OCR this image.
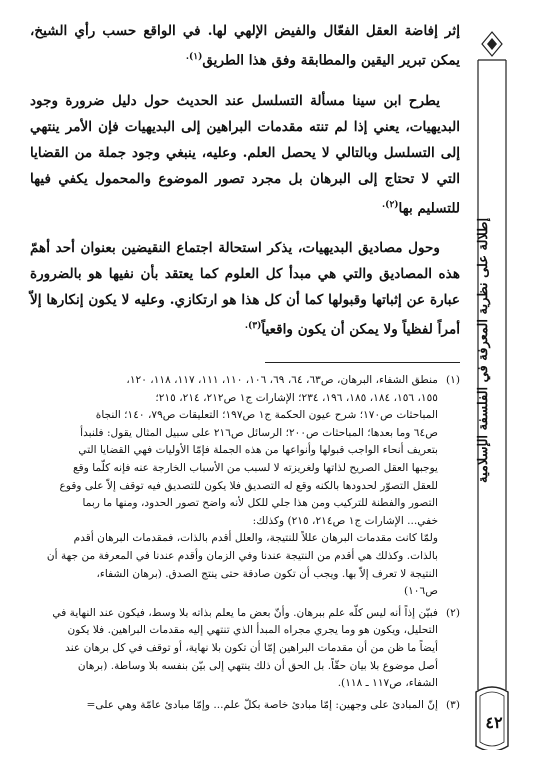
إثر إفاضة العقل الفعّال والفيض الإلهي لها. في الواقع حسب رأي الشيخ، يمكن تبرير اليقين والمطابقة وفق هذا الطريق$^{(١).}$

يطرح ابن سينا مسألة التسلسل عند الحديث حول دليل ضرورة وجود البديهيات، يعني إذا لم تنته مقدمات البراهين إلى البديهيات فإن الأمر ينتهي إلى التسلسل وبالتالي لا يحصل العلم. وعليه، ينبغي وجود جملة من القضايا التي لا تحتاج إلى البرهان بل مجرد تصور الموضوع والمحمول يكفي فيها للتسليم بها$^{(٢).}$

وحول مصاديق البديهيات، يذكر استحالة اجتماع النقيضين بعنوان أحد أهمّ هذه المصاديق والتي هي مبدأ كل العلوم كما يعتقد بأن نفيها هو بالضرورة عبارة عن إثباتها وقبولها كما أن كل هذا هو ارتكازي. وعليه لا يكون إنكارها إلاّ أمراً لفظياً ولا يمكن أن يكون واقعياً$^{(٣).}$

(١)
منطق الشفاء، البرهان، ص٦٣، ٦٤، ٦٩، ١٠٦، ١١٠، ١١١، ١١٧، ١١٨، ١٢٠،
١٥٥، ١٥٦، ١٨٤، ١٨٥، ١٩٦، ٢٣٤؛ الإشارات ج١ ص٢١٢، ٢١٤، ٢١٥؛
المباحثات ص١٧٠؛ شرح عيون الحكمة ج١ ص١٩٧؛ التعليقات ص٧٩، ١٤٠؛ النجاة
ص٦٤ وما بعدها؛ المباحثات ص٢٠٠؛ الرسائل ص٢١٦ على سبيل المثال يقول: فلنبدأ
بتعريف أنحاء الواجب قبولها وأنواعها من هذه الجملة فإمّا الأوليات فهي القضايا التي
يوجبها العقل الصريح لذاتها ولغريزته لا لسبب من الأسباب الخارجة عنه فإنه كلّما وقع
للعقل التصوّر لحدودها بالكنه وقع له التصديق فلا يكون للتصديق فيه توقف إلاّ على وقوع
التصور والفطنة للتركيب ومن هذا جلي للكل لأنه واضح تصور الحدود، ومنها ما ربما
خفي... الإشارات ج١ ص٢١٤، ٢١٥) وكذلك:
ولمّا كانت مقدمات البرهان عللاً للنتيجة، والعلل أقدم بالذات، فمقدمات البرهان أقدم
بالذات. وكذلك هي أقدم من النتيجة عندنا وفي الزمان وأقدم عندنا في المعرفة من جهة أن
النتيجة لا تعرف إلاّ بها. ويجب أن تكون صادقة حتى ينتج الصدق. (برهان الشفاء،
ص١٠٦)
(٢)
فبيّن إذاً أنه ليس كلّه علم ببرهان. وأنّ بعض ما يعلم بذاته بلا وسط، فيكون عند النهاية في
التحليل، ويكون هو وما يجري مجراه المبدأ الذي تنتهي إليه مقدمات البراهين. فلا يكون
أيضاً ما ظن من أن مقدمات البراهين إمّا أن تكون بلا نهاية، أو توقف في كل برهان عند
أصل موضوع بلا بيان حقّاً. بل الحق أن ذلك ينتهي إلى بيّن بنفسه بلا وساطة. (برهان
الشفاء، ص١١٧ ـ ١١٨).
(٣)
إنّ المبادئ على وجهين: إمّا مبادئ خاصة بكلّ علم... وإمّا مبادئ عامّة وهي على=
إطلالة على نظرية المعرفة في الفلسفة الإسلامية
٤٢
